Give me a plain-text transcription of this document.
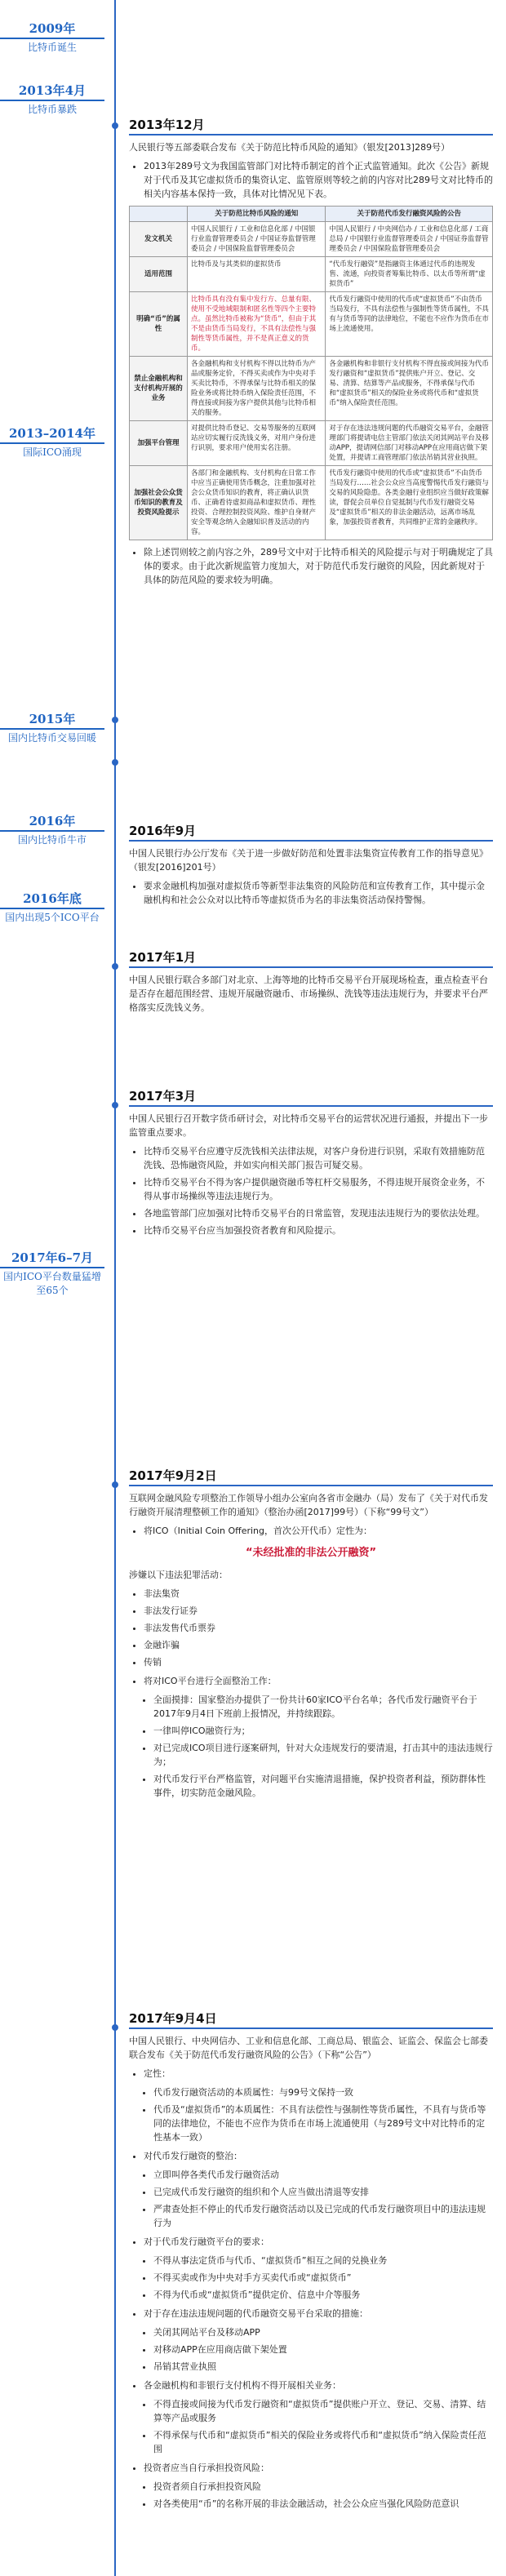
2009年
比特币诞生
2013年4月
比特币暴跌
2013–2014年
国际ICO涌现
2015年
国内比特币交易回暖
2016年
国内比特币牛市
2016年底
国内出现5个ICO平台
2017年6–7月
国内ICO平台数量猛增至65个
2013年12月

人民银行等五部委联合发布《关于防范比特币风险的通知》（银发[2013]289号）

• 2013年289号文为我国监管部门对比特币制定的首个正式监管通知。此次《公告》新规对于代币及其它虚拟货币的集资认定、监管原则等较之前的内容对比289号文对比特币的相关内容基本保持一致，具体对比情况见下表。
	关于防范比特币风险的通知	关于防范代币发行融资风险的公告
发文机关	中国人民银行 / 工业和信息化部 / 中国银行业监督管理委员会 / 中国证券监督管理委员会 / 中国保险监督管理委员会	中国人民银行 / 中央网信办 / 工业和信息化部 / 工商总局 / 中国银行业监督管理委员会 / 中国证券监督管理委员会 / 中国保险监督管理委员会
适用范围	比特币及与其类似的虚拟货币	“代币发行融资”是指融资主体通过代币的违规发售、流通，向投资者筹集比特币、以太币等所谓“虚拟货币”
明确“币”的属性	比特币具有没有集中发行方、总量有限、使用不受地域限制和匿名性等四个主要特点。虽然比特币被称为“货币”，但由于其不是由货币当局发行，不具有法偿性与强制性等货币属性，并不是真正意义的货币。	代币发行融资中使用的代币或“虚拟货币”不由货币当局发行，不具有法偿性与强制性等货币属性，不具有与货币等同的法律地位，不能也不应作为货币在市场上流通使用。
禁止金融机构和支付机构开展的业务	各金融机构和支付机构不得以比特币为产品或服务定价，不得买卖或作为中央对手买卖比特币，不得承保与比特币相关的保险业务或将比特币纳入保险责任范围，不得直接或间接为客户提供其他与比特币相关的服务。	各金融机构和非银行支付机构不得直接或间接为代币发行融资和“虚拟货币”提供账户开立、登记、交易、清算、结算等产品或服务，不得承保与代币和“虚拟货币”相关的保险业务或将代币和“虚拟货币”纳入保险责任范围。
加强平台管理	对提供比特币登记、交易等服务的互联网站应切实履行反洗钱义务，对用户身份进行识别，要求用户使用实名注册。	对于存在违法违规问题的代币融资交易平台，金融管理部门将提请电信主管部门依法关闭其网站平台及移动APP，提请网信部门对移动APP在应用商店做下架处置，并提请工商管理部门依法吊销其营业执照。
加强社会公众货币知识的教育及投资风险提示	各部门和金融机构、支付机构在日常工作中应当正确使用货币概念，注重加强对社会公众货币知识的教育，将正确认识货币、正确看待虚拟商品和虚拟货币、理性投资、合理控制投资风险、维护自身财产安全等观念纳入金融知识普及活动的内容。	代币发行融资中使用的代币或“虚拟货币”不由货币当局发行……社会公众应当高度警惕代币发行融资与交易的风险隐患。各类金融行业组织应当做好政策解读，督促会员单位自觉抵制与代币发行融资交易及“虚拟货币”相关的非法金融活动，远离市场乱象，加强投资者教育，共同维护正常的金融秩序。
• 除上述罚则较之前内容之外，289号文中对于比特币相关的风险提示与对于明确规定了具体的要求。由于此次新规监管力度加大，对于防范代币发行融资的风险，因此新规对于具体的防范风险的要求较为明确。
2016年9月

中国人民银行办公厅发布《关于进一步做好防范和处置非法集资宣传教育工作的指导意见》（银发[2016]201号）

• 要求金融机构加强对虚拟货币等新型非法集资的风险防范和宣传教育工作，其中提示金融机构和社会公众对以比特币等虚拟货币为名的非法集资活动保持警惕。
2017年1月

中国人民银行联合多部门对北京、上海等地的比特币交易平台开展现场检查，重点检查平台是否存在超范围经营、违规开展融资融币、市场操纵、洗钱等违法违规行为，并要求平台严格落实反洗钱义务。

2017年3月

中国人民银行召开数字货币研讨会，对比特币交易平台的运营状况进行通报，并提出下一步监管重点要求。

• 比特币交易平台应遵守反洗钱相关法律法规，对客户身份进行识别，采取有效措施防范洗钱、恐怖融资风险，并如实向相关部门报告可疑交易。
• 比特币交易平台不得为客户提供融资融币等杠杆交易服务，不得违规开展资金业务，不得从事市场操纵等违法违规行为。
• 各地监管部门应加强对比特币交易平台的日常监管，发现违法违规行为的要依法处理。
• 比特币交易平台应当加强投资者教育和风险提示。
2017年9月2日

互联网金融风险专项整治工作领导小组办公室向各省市金融办（局）发布了《关于对代币发行融资开展清理整顿工作的通知》（整治办函[2017]99号）（下称“99号文”）

• 将ICO（Initial Coin Offering，首次公开代币）定性为：
“未经批准的非法公开融资”

涉嫌以下违法犯罪活动：

• 非法集资
• 非法发行证券
• 非法发售代币票券
• 金融诈骗
• 传销
• 将对ICO平台进行全面整治工作：
• 全面摸排：国家整治办提供了一份共计60家ICO平台名单；各代币发行融资平台于2017年9月4日下班前上报情况，并持续跟踪。
• 一律叫停ICO融资行为；
• 对已完成ICO项目进行逐案研判，针对大众违规发行的要清退，打击其中的违法违规行为；
• 对代币发行平台严格监管，对问题平台实施清退措施，保护投资者利益，预防群体性事件，切实防范金融风险。
2017年9月4日

中国人民银行、中央网信办、工业和信息化部、工商总局、银监会、证监会、保监会七部委联合发布《关于防范代币发行融资风险的公告》（下称“公告”）

• 定性：
• 代币发行融资活动的本质属性：与99号文保持一致
• 代币及“虚拟货币”的本质属性：不具有法偿性与强制性等货币属性，不具有与货币等同的法律地位，不能也不应作为货币在市场上流通使用（与289号文中对比特币的定性基本一致）
• 对代币发行融资的整治：
• 立即叫停各类代币发行融资活动
• 已完成代币发行融资的组织和个人应当做出清退等安排
• 严肃查处拒不停止的代币发行融资活动以及已完成的代币发行融资项目中的违法违规行为
• 对于代币发行融资平台的要求：
• 不得从事法定货币与代币、“虚拟货币”相互之间的兑换业务
• 不得买卖或作为中央对手方买卖代币或“虚拟货币”
• 不得为代币或“虚拟货币”提供定价、信息中介等服务
• 对于存在违法违规问题的代币融资交易平台采取的措施：
• 关闭其网站平台及移动APP
• 对移动APP在应用商店做下架处置
• 吊销其营业执照
• 各金融机构和非银行支付机构不得开展相关业务：
• 不得直接或间接为代币发行融资和“虚拟货币”提供账户开立、登记、交易、清算、结算等产品或服务
• 不得承保与代币和“虚拟货币”相关的保险业务或将代币和“虚拟货币”纳入保险责任范围
• 投资者应当自行承担投资风险：
• 投资者须自行承担投资风险
• 对各类使用“币”的名称开展的非法金融活动，社会公众应当强化风险防范意识
